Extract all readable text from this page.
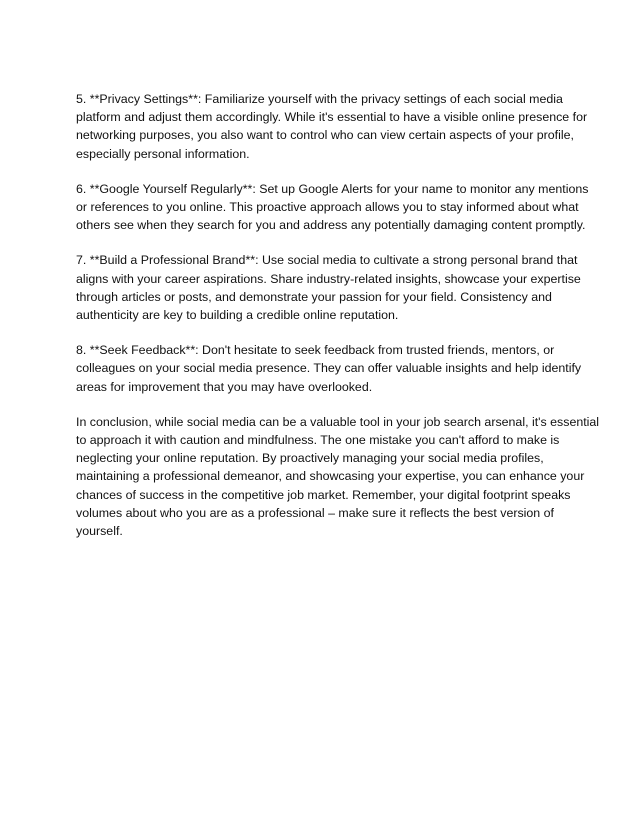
5. **Privacy Settings**: Familiarize yourself with the privacy settings of each social media
platform and adjust them accordingly. While it's essential to have a visible online presence for
networking purposes, you also want to control who can view certain aspects of your profile,
especially personal information.

6. **Google Yourself Regularly**: Set up Google Alerts for your name to monitor any mentions
or references to you online. This proactive approach allows you to stay informed about what
others see when they search for you and address any potentially damaging content promptly.

7. **Build a Professional Brand**: Use social media to cultivate a strong personal brand that
aligns with your career aspirations. Share industry-related insights, showcase your expertise
through articles or posts, and demonstrate your passion for your field. Consistency and
authenticity are key to building a credible online reputation.

8. **Seek Feedback**: Don't hesitate to seek feedback from trusted friends, mentors, or
colleagues on your social media presence. They can offer valuable insights and help identify
areas for improvement that you may have overlooked.

In conclusion, while social media can be a valuable tool in your job search arsenal, it's essential
to approach it with caution and mindfulness. The one mistake you can't afford to make is
neglecting your online reputation. By proactively managing your social media profiles,
maintaining a professional demeanor, and showcasing your expertise, you can enhance your
chances of success in the competitive job market. Remember, your digital footprint speaks
volumes about who you are as a professional – make sure it reflects the best version of
yourself.
